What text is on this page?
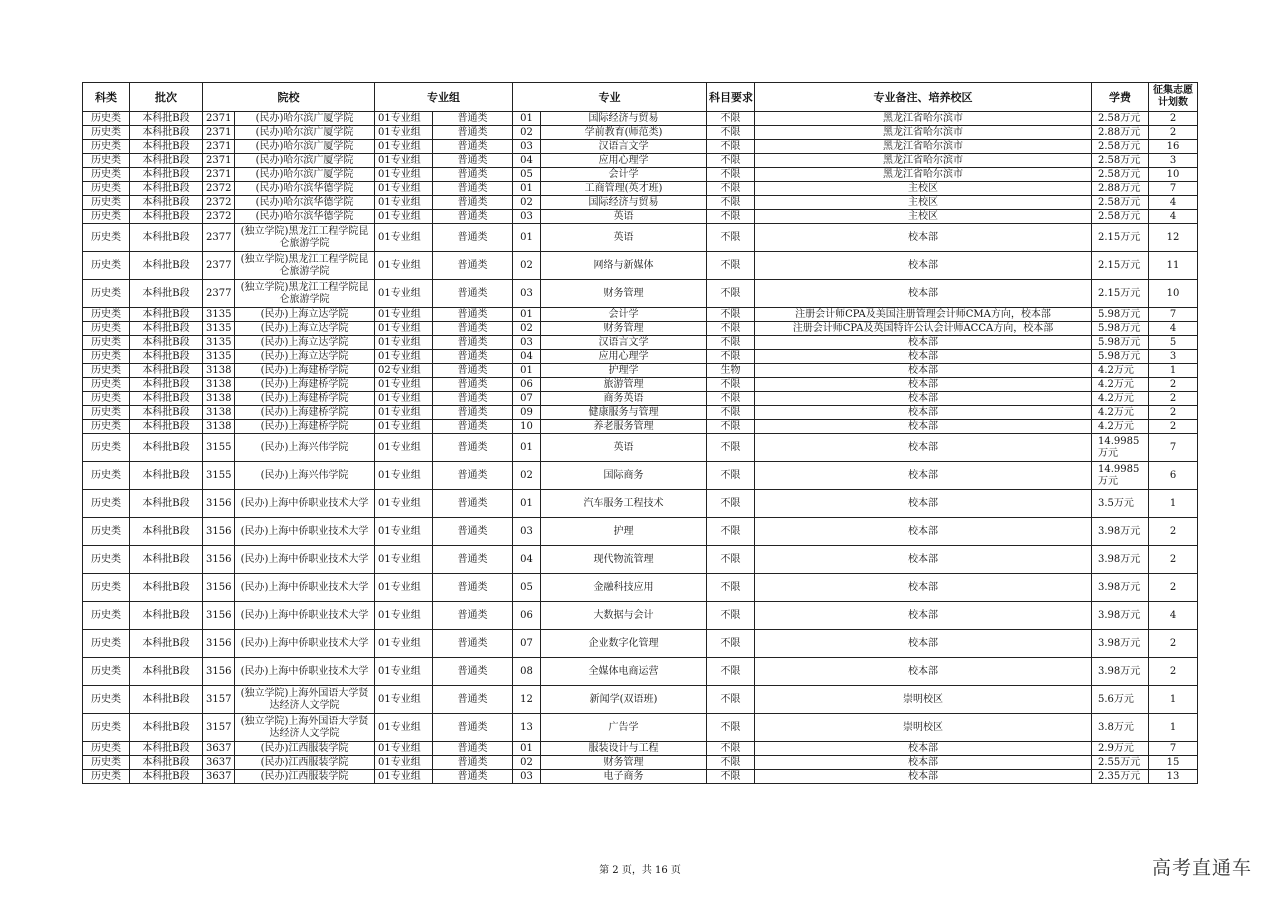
科类	批次	院校		专业组		专业		科目要求	专业备注、培养校区	学费	征集志愿计划数
历史类	本科批B段	2371	(民办)哈尔滨广厦学院	01专业组	普通类	01	国际经济与贸易	不限	黑龙江省哈尔滨市	2.58万元	2
历史类	本科批B段	2371	(民办)哈尔滨广厦学院	01专业组	普通类	02	学前教育(师范类)	不限	黑龙江省哈尔滨市	2.88万元	2
历史类	本科批B段	2371	(民办)哈尔滨广厦学院	01专业组	普通类	03	汉语言文学	不限	黑龙江省哈尔滨市	2.58万元	16
历史类	本科批B段	2371	(民办)哈尔滨广厦学院	01专业组	普通类	04	应用心理学	不限	黑龙江省哈尔滨市	2.58万元	3
历史类	本科批B段	2371	(民办)哈尔滨广厦学院	01专业组	普通类	05	会计学	不限	黑龙江省哈尔滨市	2.58万元	10
历史类	本科批B段	2372	(民办)哈尔滨华德学院	01专业组	普通类	01	工商管理(英才班)	不限	主校区	2.88万元	7
历史类	本科批B段	2372	(民办)哈尔滨华德学院	01专业组	普通类	02	国际经济与贸易	不限	主校区	2.58万元	4
历史类	本科批B段	2372	(民办)哈尔滨华德学院	01专业组	普通类	03	英语	不限	主校区	2.58万元	4
历史类	本科批B段	2377	(独立学院)黑龙江工程学院昆仑旅游学院	01专业组	普通类	01	英语	不限	校本部	2.15万元	12
历史类	本科批B段	2377	(独立学院)黑龙江工程学院昆仑旅游学院	01专业组	普通类	02	网络与新媒体	不限	校本部	2.15万元	11
历史类	本科批B段	2377	(独立学院)黑龙江工程学院昆仑旅游学院	01专业组	普通类	03	财务管理	不限	校本部	2.15万元	10
历史类	本科批B段	3135	(民办)上海立达学院	01专业组	普通类	01	会计学	不限	注册会计师CPA及美国注册管理会计师CMA方向，校本部	5.98万元	7
历史类	本科批B段	3135	(民办)上海立达学院	01专业组	普通类	02	财务管理	不限	注册会计师CPA及英国特许公认会计师ACCA方向，校本部	5.98万元	4
历史类	本科批B段	3135	(民办)上海立达学院	01专业组	普通类	03	汉语言文学	不限	校本部	5.98万元	5
历史类	本科批B段	3135	(民办)上海立达学院	01专业组	普通类	04	应用心理学	不限	校本部	5.98万元	3
历史类	本科批B段	3138	(民办)上海建桥学院	02专业组	普通类	01	护理学	生物	校本部	4.2万元	1
历史类	本科批B段	3138	(民办)上海建桥学院	01专业组	普通类	06	旅游管理	不限	校本部	4.2万元	2
历史类	本科批B段	3138	(民办)上海建桥学院	01专业组	普通类	07	商务英语	不限	校本部	4.2万元	2
历史类	本科批B段	3138	(民办)上海建桥学院	01专业组	普通类	09	健康服务与管理	不限	校本部	4.2万元	2
历史类	本科批B段	3138	(民办)上海建桥学院	01专业组	普通类	10	养老服务管理	不限	校本部	4.2万元	2
历史类	本科批B段	3155	(民办)上海兴伟学院	01专业组	普通类	01	英语	不限	校本部	14.9985万元	7
历史类	本科批B段	3155	(民办)上海兴伟学院	01专业组	普通类	02	国际商务	不限	校本部	14.9985万元	6
历史类	本科批B段	3156	(民办)上海中侨职业技术大学	01专业组	普通类	01	汽车服务工程技术	不限	校本部	3.5万元	1
历史类	本科批B段	3156	(民办)上海中侨职业技术大学	01专业组	普通类	03	护理	不限	校本部	3.98万元	2
历史类	本科批B段	3156	(民办)上海中侨职业技术大学	01专业组	普通类	04	现代物流管理	不限	校本部	3.98万元	2
历史类	本科批B段	3156	(民办)上海中侨职业技术大学	01专业组	普通类	05	金融科技应用	不限	校本部	3.98万元	2
历史类	本科批B段	3156	(民办)上海中侨职业技术大学	01专业组	普通类	06	大数据与会计	不限	校本部	3.98万元	4
历史类	本科批B段	3156	(民办)上海中侨职业技术大学	01专业组	普通类	07	企业数字化管理	不限	校本部	3.98万元	2
历史类	本科批B段	3156	(民办)上海中侨职业技术大学	01专业组	普通类	08	全媒体电商运营	不限	校本部	3.98万元	2
历史类	本科批B段	3157	(独立学院)上海外国语大学贤达经济人文学院	01专业组	普通类	12	新闻学(双语班)	不限	崇明校区	5.6万元	1
历史类	本科批B段	3157	(独立学院)上海外国语大学贤达经济人文学院	01专业组	普通类	13	广告学	不限	崇明校区	3.8万元	1
历史类	本科批B段	3637	(民办)江西服装学院	01专业组	普通类	01	服装设计与工程	不限	校本部	2.9万元	7
历史类	本科批B段	3637	(民办)江西服装学院	01专业组	普通类	02	财务管理	不限	校本部	2.55万元	15
历史类	本科批B段	3637	(民办)江西服装学院	01专业组	普通类	03	电子商务	不限	校本部	2.35万元	13
第 2 页，共 16 页	高考直通车
